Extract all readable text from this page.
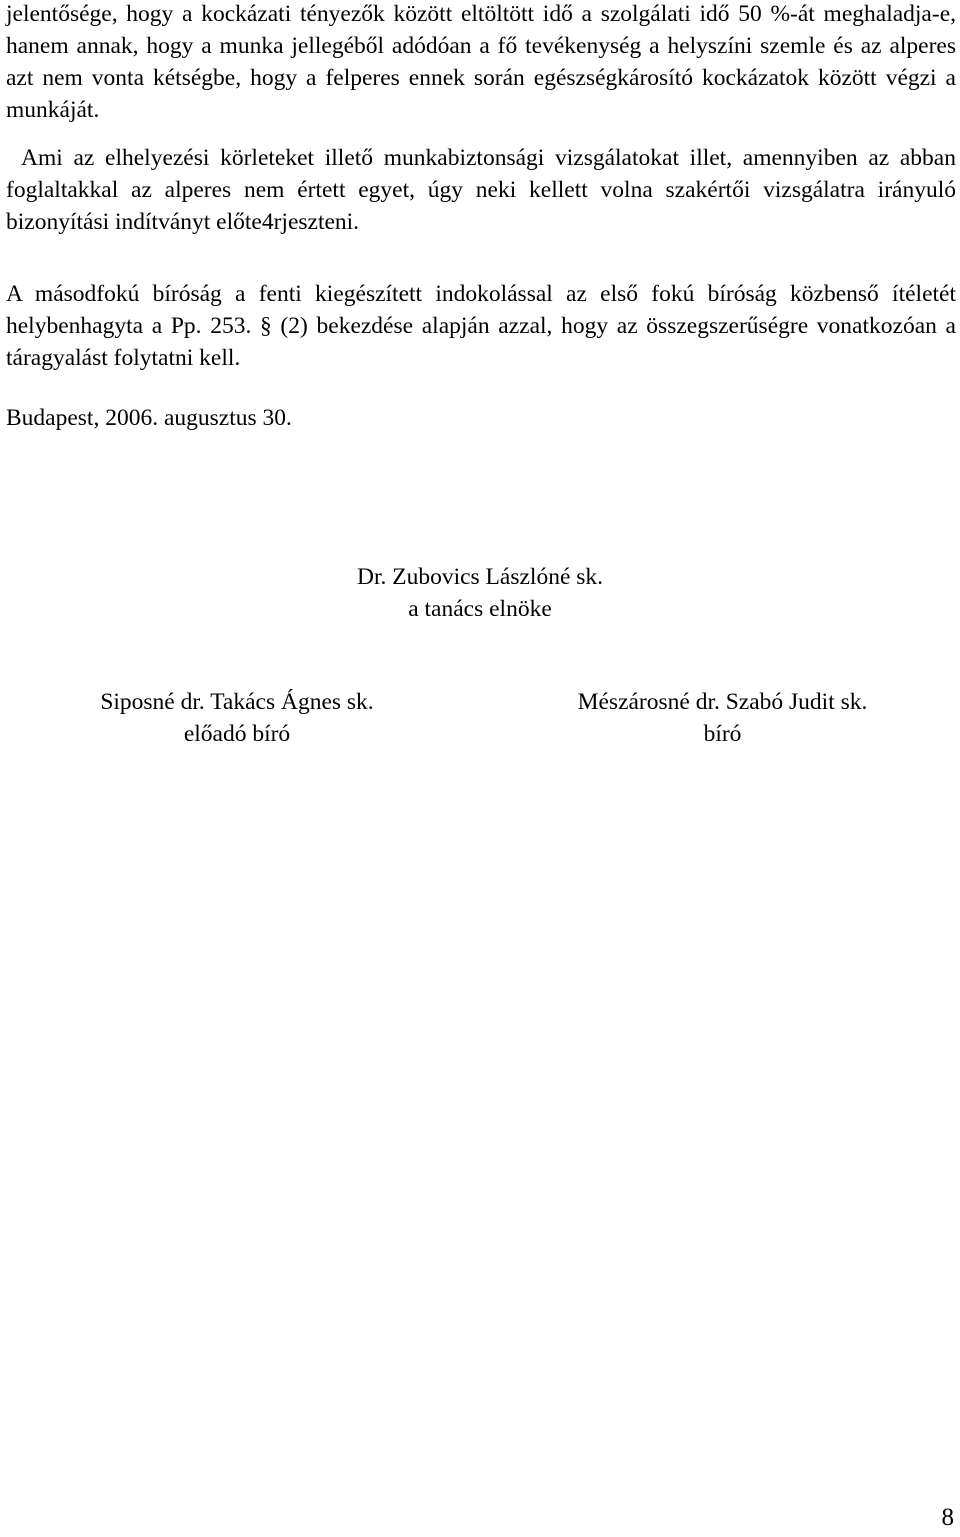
jelentősége, hogy a kockázati tényezők között eltöltött idő a szolgálati idő 50 %-át meghaladja-e, hanem annak, hogy a munka jellegéből adódóan a fő tevékenység a helyszíni szemle és az alperes azt nem vonta kétségbe, hogy a felperes ennek során egészségkárosító kockázatok között végzi a munkáját.

Ami az elhelyezési körleteket illető munkabiztonsági vizsgálatokat illet, amennyiben az abban foglaltakkal az alperes nem értett egyet, úgy neki kellett volna szakértői vizsgálatra irányuló bizonyítási indítványt előte4rjeszteni.

A másodfokú bíróság a fenti kiegészített indokolással az első fokú bíróság közbenső ítéletét helybenhagyta a Pp. 253. § (2) bekezdése alapján azzal, hogy az összegszerűségre vonatkozóan a táragyalást folytatni kell.

Budapest, 2006. augusztus 30.

Dr. Zubovics Lászlóné sk.
a tanács elnöke
Siposné dr. Takács Ágnes sk.
előadó bíró
Mészárosné dr. Szabó Judit sk.
bíró
8
